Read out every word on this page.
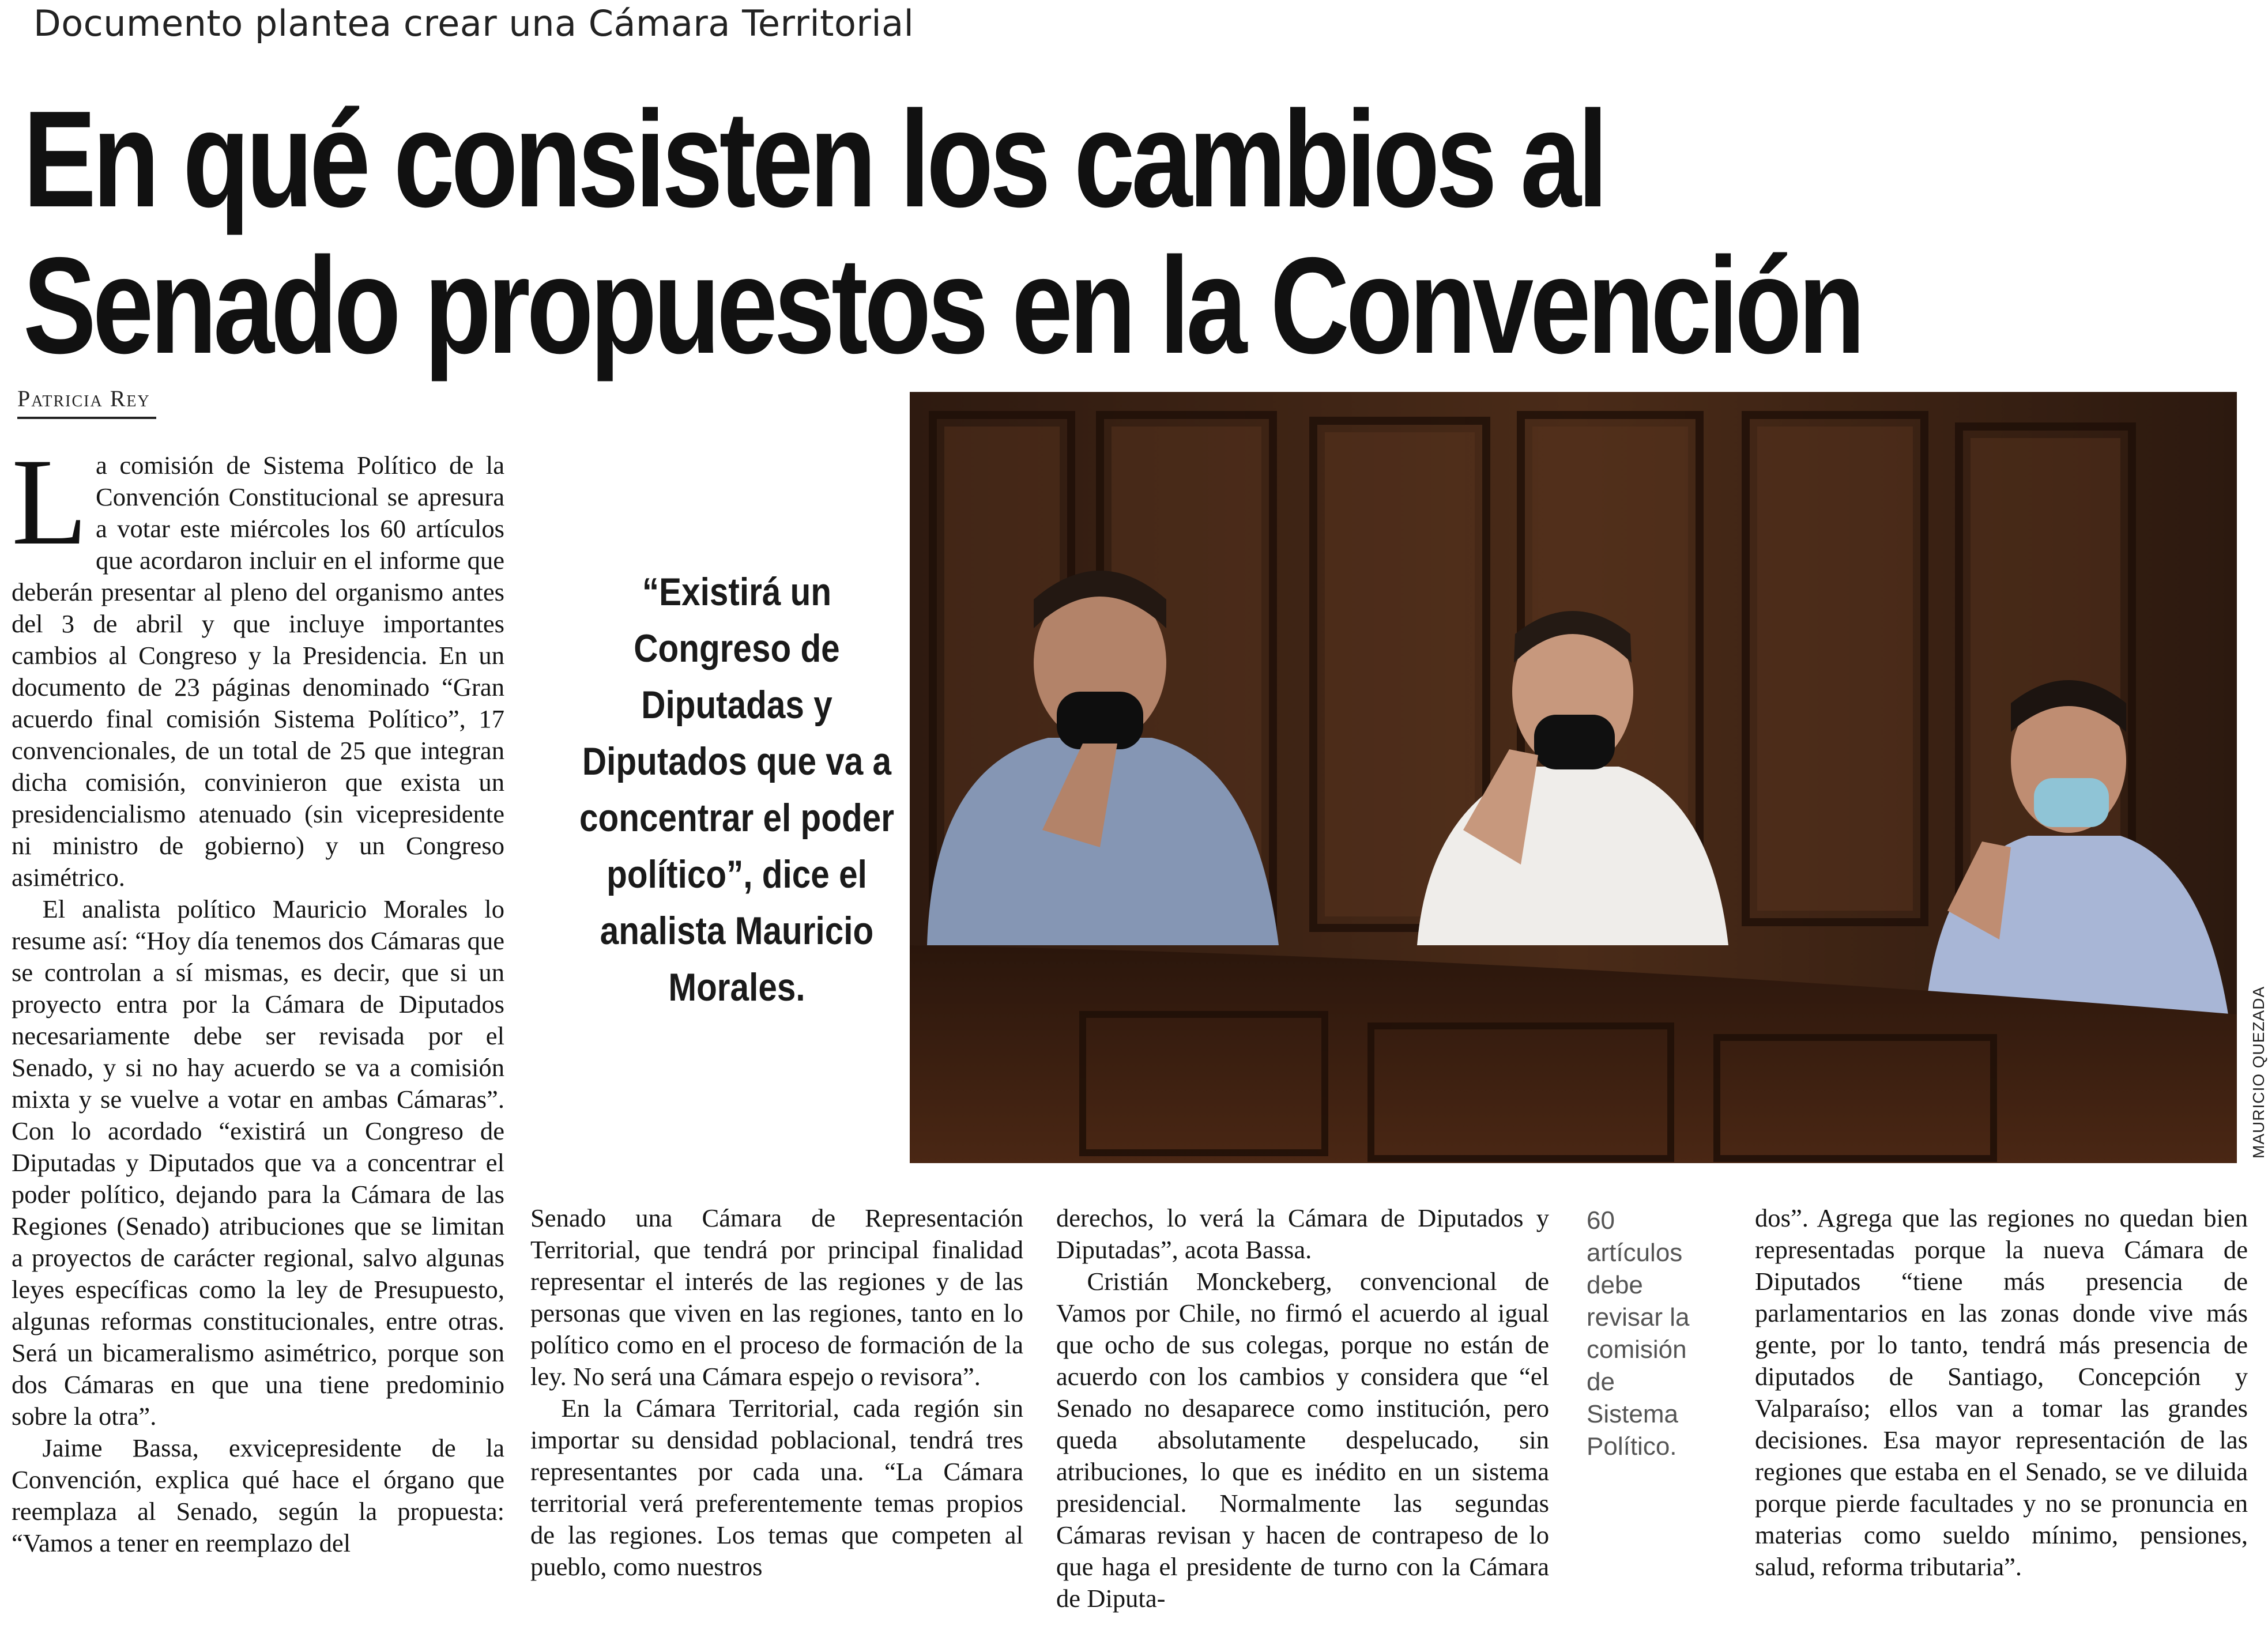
Documento plantea crear una Cámara Territorial
En qué consisten los cambios al
Senado propuestos en la Convención
Patricia Rey

L a comisión de Sistema Político de la Convención Constitucional se apresura a votar este miércoles los 60 artículos que acordaron incluir en el informe que deberán presentar al pleno del organismo antes del 3 de abril y que incluye importantes cambios al Congreso y la Presidencia. En un documento de 23 páginas denominado “Gran acuerdo final comisión Sistema Político”, 17 convencionales, de un total de 25 que integran dicha comisión, convinieron que exista un presidencialismo atenuado (sin vicepresidente ni ministro de gobierno) y un Congreso asimétrico.

El analista político Mauricio Morales lo resume así: “Hoy día tenemos dos Cámaras que se controlan a sí mismas, es decir, que si un proyecto entra por la Cámara de Diputados necesariamente debe ser revisada por el Senado, y si no hay acuerdo se va a comisión mixta y se vuelve a votar en ambas Cámaras”. Con lo acordado “existirá un Congreso de Diputadas y Diputados que va a concentrar el poder político, dejando para la Cámara de las Regiones (Senado) atribuciones que se limitan a proyectos de carácter regional, salvo algunas leyes específicas como la ley de Presupuesto, algunas reformas constitucionales, entre otras. Será un bicameralismo asimétrico, porque son dos Cámaras en que una tiene predominio sobre la otra”.

Jaime Bassa, exvicepresidente de la Convención, explica qué hace el órgano que reemplaza al Senado, según la propuesta: “Vamos a tener en reemplazo del

“Existirá un Congreso de Diputadas y Diputados que va a concentrar el poder político”, dice el analista Mauricio Morales.	MAURICIO QUEZADA

Senado una Cámara de Representación Territorial, que tendrá por principal finalidad representar el interés de las regiones y de las personas que viven en las regiones, tanto en lo político como en el proceso de formación de la ley. No será una Cámara espejo o revisora”.

En la Cámara Territorial, cada región sin importar su densidad poblacional, tendrá tres representantes por cada una. “La Cámara territorial verá preferentemente temas propios de las regiones. Los temas que competen al pueblo, como nuestros

derechos, lo verá la Cámara de Diputados y Diputadas”, acota Bassa.

Cristián Monckeberg, convencional de Vamos por Chile, no firmó el acuerdo al igual que ocho de sus colegas, porque no están de acuerdo con los cambios y considera que “el Senado no desaparece como institución, pero queda absolutamente despelucado, sin atribuciones, lo que es inédito en un sistema presidencial. Normalmente las segundas Cámaras revisan y hacen de contrapeso de lo que haga el presidente de turno con la Cámara de Diputa-

60 artículos debe revisar la comisión de Sistema Político.

dos”. Agrega que las regiones no quedan bien representadas porque la nueva Cámara de Diputados “tiene más presencia de parlamentarios en las zonas donde vive más gente, por lo tanto, tendrá más presencia de diputados de Santiago, Concepción y Valparaíso; ellos van a tomar las grandes decisiones. Esa mayor representación de las regiones que estaba en el Senado, se ve diluida porque pierde facultades y no se pronuncia en materias como sueldo mínimo, pensiones, salud, reforma tributaria”.
